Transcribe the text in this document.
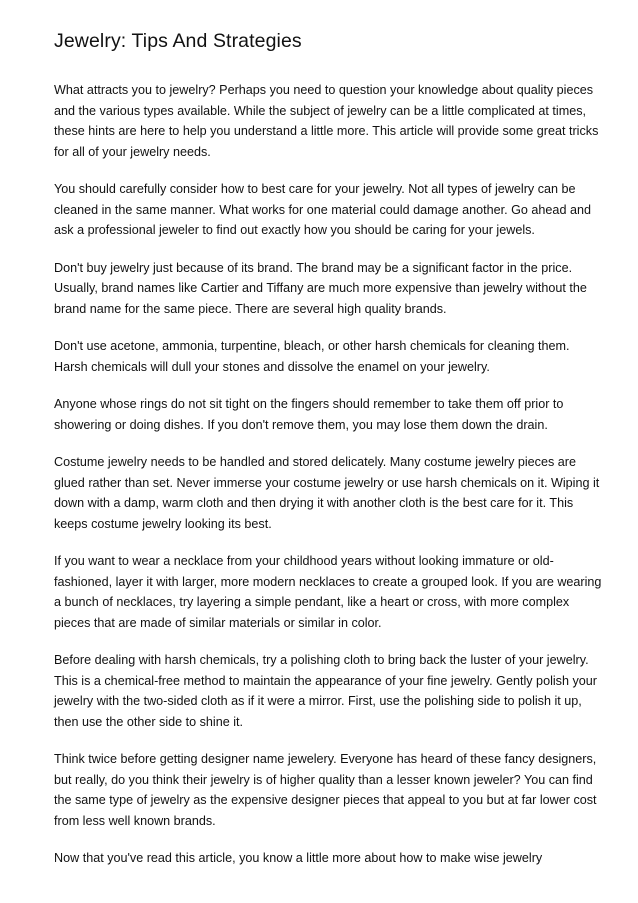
Jewelry: Tips And Strategies

What attracts you to jewelry? Perhaps you need to question your knowledge about quality pieces and the various types available. While the subject of jewelry can be a little complicated at times, these hints are here to help you understand a little more. This article will provide some great tricks for all of your jewelry needs.

You should carefully consider how to best care for your jewelry. Not all types of jewelry can be cleaned in the same manner. What works for one material could damage another. Go ahead and ask a professional jeweler to find out exactly how you should be caring for your jewels.

Don't buy jewelry just because of its brand. The brand may be a significant factor in the price. Usually, brand names like Cartier and Tiffany are much more expensive than jewelry without the brand name for the same piece. There are several high quality brands.

Don't use acetone, ammonia, turpentine, bleach, or other harsh chemicals for cleaning them. Harsh chemicals will dull your stones and dissolve the enamel on your jewelry.

Anyone whose rings do not sit tight on the fingers should remember to take them off prior to showering or doing dishes. If you don't remove them, you may lose them down the drain.

Costume jewelry needs to be handled and stored delicately. Many costume jewelry pieces are glued rather than set. Never immerse your costume jewelry or use harsh chemicals on it. Wiping it down with a damp, warm cloth and then drying it with another cloth is the best care for it. This keeps costume jewelry looking its best.

If you want to wear a necklace from your childhood years without looking immature or old-fashioned, layer it with larger, more modern necklaces to create a grouped look. If you are wearing a bunch of necklaces, try layering a simple pendant, like a heart or cross, with more complex pieces that are made of similar materials or similar in color.

Before dealing with harsh chemicals, try a polishing cloth to bring back the luster of your jewelry. This is a chemical-free method to maintain the appearance of your fine jewelry. Gently polish your jewelry with the two-sided cloth as if it were a mirror. First, use the polishing side to polish it up, then use the other side to shine it.

Think twice before getting designer name jewelery. Everyone has heard of these fancy designers, but really, do you think their jewelry is of higher quality than a lesser known jeweler? You can find the same type of jewelry as the expensive designer pieces that appeal to you but at far lower cost from less well known brands.

Now that you've read this article, you know a little more about how to make wise jewelry
